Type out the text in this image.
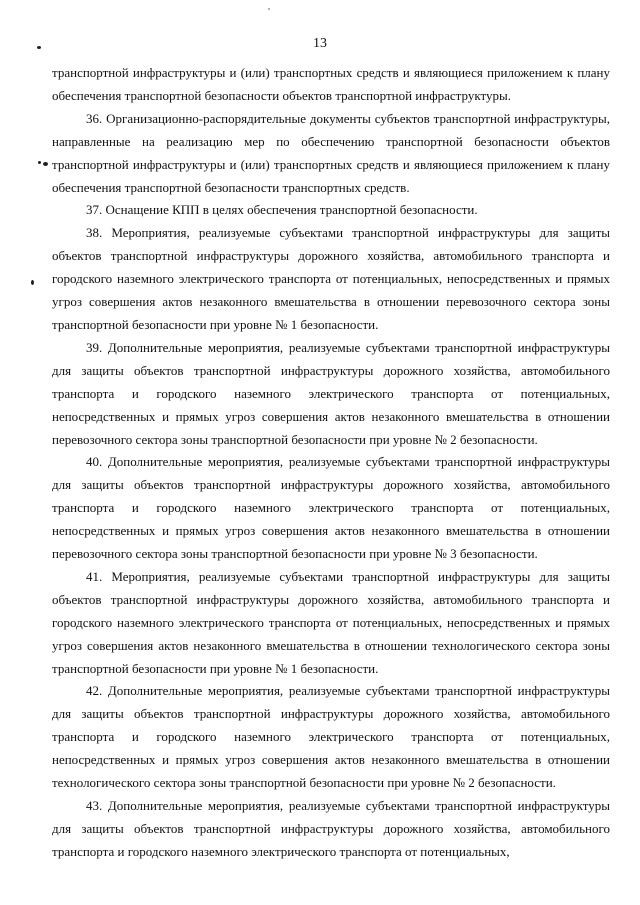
13

транспортной инфраструктуры и (или) транспортных средств и являющиеся приложением к плану обеспечения транспортной безопасности объектов транспортной инфраструктуры.

36. Организационно-распорядительные документы субъектов транспортной инфраструктуры, направленные на реализацию мер по обеспечению транспортной безопасности объектов транспортной инфраструктуры и (или) транспортных средств и являющиеся приложением к плану обеспечения транспортной безопасности транспортных средств.

37. Оснащение КПП в целях обеспечения транспортной безопасности.

38. Мероприятия, реализуемые субъектами транспортной инфраструктуры для защиты объектов транспортной инфраструктуры дорожного хозяйства, автомобильного транспорта и городского наземного электрического транспорта от потенциальных, непосредственных и прямых угроз совершения актов незаконного вмешательства в отношении перевозочного сектора зоны транспортной безопасности при уровне № 1 безопасности.

39. Дополнительные мероприятия, реализуемые субъектами транспортной инфраструктуры для защиты объектов транспортной инфраструктуры дорожного хозяйства, автомобильного транспорта и городского наземного электрического транспорта от потенциальных, непосредственных и прямых угроз совершения актов незаконного вмешательства в отношении перевозочного сектора зоны транспортной безопасности при уровне № 2 безопасности.

40. Дополнительные мероприятия, реализуемые субъектами транспортной инфраструктуры для защиты объектов транспортной инфраструктуры дорожного хозяйства, автомобильного транспорта и городского наземного электрического транспорта от потенциальных, непосредственных и прямых угроз совершения актов незаконного вмешательства в отношении перевозочного сектора зоны транспортной безопасности при уровне № 3 безопасности.

41. Мероприятия, реализуемые субъектами транспортной инфраструктуры для защиты объектов транспортной инфраструктуры дорожного хозяйства, автомобильного транспорта и городского наземного электрического транспорта от потенциальных, непосредственных и прямых угроз совершения актов незаконного вмешательства в отношении технологического сектора зоны транспортной безопасности при уровне № 1 безопасности.

42. Дополнительные мероприятия, реализуемые субъектами транспортной инфраструктуры для защиты объектов транспортной инфраструктуры дорожного хозяйства, автомобильного транспорта и городского наземного электрического транспорта от потенциальных, непосредственных и прямых угроз совершения актов незаконного вмешательства в отношении технологического сектора зоны транспортной безопасности при уровне № 2 безопасности.

43. Дополнительные мероприятия, реализуемые субъектами транспортной инфраструктуры для защиты объектов транспортной инфраструктуры дорожного хозяйства, автомобильного транспорта и городского наземного электрического транспорта от потенциальных,
